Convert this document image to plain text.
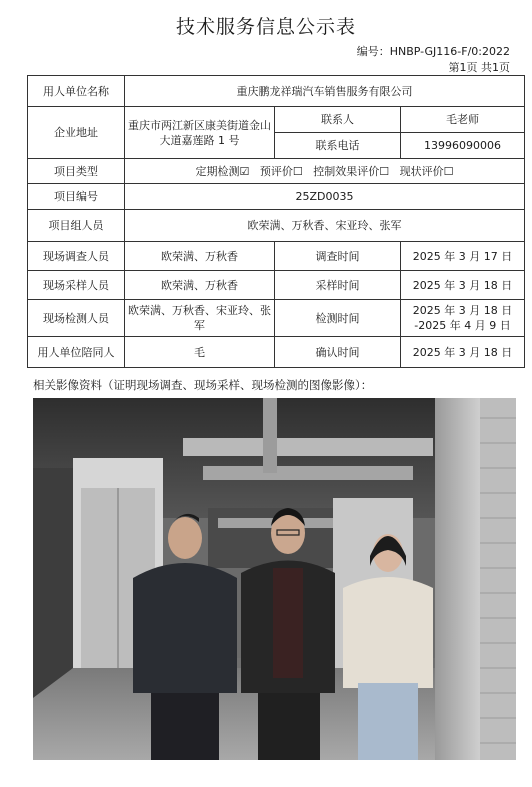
技术服务信息公示表
编号：HNBP-GJ116-F/0:2022
第1页 共1页
用人单位名称	重庆鹏龙祥瑞汽车销售服务有限公司		
企业地址	重庆市两江新区康美街道金山大道嘉莲路 1 号	联系人	毛老师
		联系电话	13996090006
项目类型	定期检测☑   预评价☐   控制效果评价☐   现状评价☐		
项目编号	25ZD0035		
项目组人员	欧荣满、万秋香、宋亚玲、张军		
现场调查人员	欧荣满、万秋香	调查时间	2025 年 3 月 17 日
现场采样人员	欧荣满、万秋香	采样时间	2025 年 3 月 18 日
现场检测人员	欧荣满、万秋香、宋亚玲、张军	检测时间	2025 年 3 月 18 日 -2025 年 4 月 9 日
用人单位陪同人	毛	确认时间	2025 年 3 月 18 日
相关影像资料（证明现场调查、现场采样、现场检测的图像影像）：
